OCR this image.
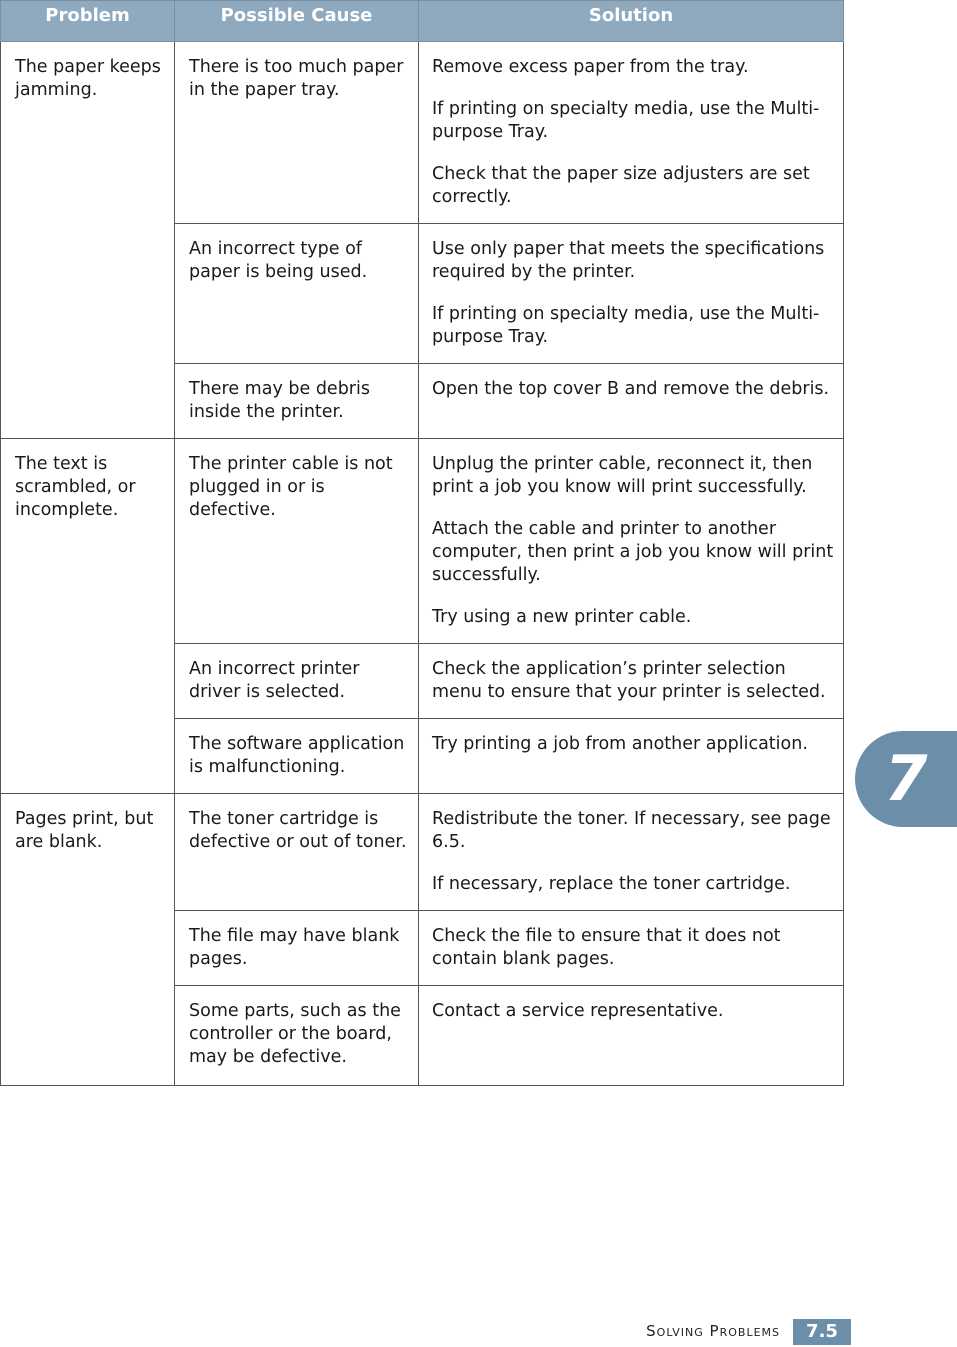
Problem	Possible Cause	Solution
The paper keeps jamming.	There is too much paper in the paper tray.	Remove excess paper from the tray.

If printing on specialty media, use the Multi-purpose Tray.

Check that the paper size adjusters are set correctly.

	An incorrect type of paper is being used.	Use only paper that meets the specifications required by the printer.

If printing on specialty media, use the Multi-purpose Tray.

	There may be debris inside the printer.	Open the top cover B and remove the debris.

The text is scrambled, or incomplete.	The printer cable is not plugged in or is defective.	Unplug the printer cable, reconnect it, then print a job you know will print successfully.

Attach the cable and printer to another computer, then print a job you know will print successfully.

Try using a new printer cable.

	An incorrect printer driver is selected.	Check the application’s printer selection menu to ensure that your printer is selected.

	The software application is malfunctioning.	Try printing a job from another application.

Pages print, but are blank.	The toner cartridge is defective or out of toner.	Redistribute the toner. If necessary, see page 6.5.

If necessary, replace the toner cartridge.

	The file may have blank pages.	Check the file to ensure that it does not contain blank pages.

	Some parts, such as the controller or the board, may be defective.	Contact a service representative.

7
Solving Problems	7.5
